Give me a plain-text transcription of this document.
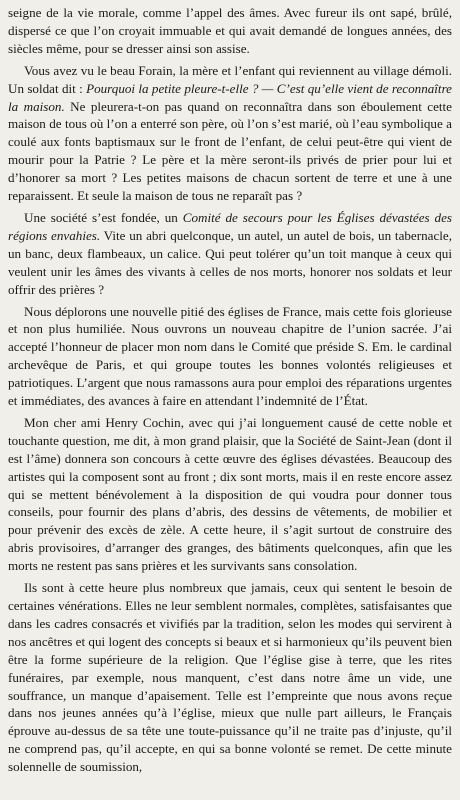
seigne de la vie morale, comme l’appel des âmes. Avec fureur ils ont sapé, brûlé, dispersé ce que l’on croyait immuable et qui avait demandé de longues années, des siècles même, pour se dresser ainsi son assise.

Vous avez vu le beau Forain, la mère et l’enfant qui reviennent au village démoli. Un soldat dit : Pourquoi la petite pleure-t-elle ? — C’est qu’elle vient de reconnaître la maison. Ne pleurera-t-on pas quand on reconnaîtra dans son éboulement cette maison de tous où l’on a enterré son père, où l’on s’est marié, où l’eau symbolique a coulé aux fonts baptismaux sur le front de l’enfant, de celui peut-être qui vient de mourir pour la Patrie ? Le père et la mère seront-ils privés de prier pour lui et d’honorer sa mort ? Les petites maisons de chacun sortent de terre et une à une reparaissent. Et seule la maison de tous ne reparaît pas ?

Une société s’est fondée, un Comité de secours pour les Églises dévastées des régions envahies. Vite un abri quelconque, un autel, un autel de bois, un tabernacle, un banc, deux flambeaux, un calice. Qui peut tolérer qu’un toit manque à ceux qui veulent unir les âmes des vivants à celles de nos morts, honorer nos soldats et leur offrir des prières ?

Nous déplorons une nouvelle pitié des églises de France, mais cette fois glorieuse et non plus humiliée. Nous ouvrons un nouveau chapitre de l’union sacrée. J’ai accepté l’honneur de placer mon nom dans le Comité que préside S. Em. le cardinal archevêque de Paris, et qui groupe toutes les bonnes volontés religieuses et patriotiques. L’argent que nous ramassons aura pour emploi des réparations urgentes et immédiates, des avances à faire en attendant l’indemnité de l’État.

Mon cher ami Henry Cochin, avec qui j’ai longuement causé de cette noble et touchante question, me dit, à mon grand plaisir, que la Société de Saint-Jean (dont il est l’âme) donnera son concours à cette œuvre des églises dévastées. Beaucoup des artistes qui la composent sont au front ; dix sont morts, mais il en reste encore assez qui se mettent bénévolement à la disposition de qui voudra pour donner tous conseils, pour fournir des plans d’abris, des dessins de vêtements, de mobilier et pour prévenir des excès de zèle. A cette heure, il s’agit surtout de construire des abris provisoires, d’arranger des granges, des bâtiments quelconques, afin que les morts ne restent pas sans prières et les survivants sans consolation.

Ils sont à cette heure plus nombreux que jamais, ceux qui sentent le besoin de certaines vénérations. Elles ne leur semblent normales, complètes, satisfaisantes que dans les cadres consacrés et vivifiés par la tradition, selon les modes qui servirent à nos ancêtres et qui logent des concepts si beaux et si harmonieux qu’ils peuvent bien être la forme supérieure de la religion. Que l’église gise à terre, que les rites funéraires, par exemple, nous manquent, c’est dans notre âme un vide, une souffrance, un manque d’apaisement. Telle est l’empreinte que nous avons reçue dans nos jeunes années qu’à l’église, mieux que nulle part ailleurs, le Français éprouve au-dessus de sa tête une toute-puissance qu’il ne traite pas d’injuste, qu’il ne comprend pas, qu’il accepte, en qui sa bonne volonté se remet. De cette minute solennelle de soumission,
